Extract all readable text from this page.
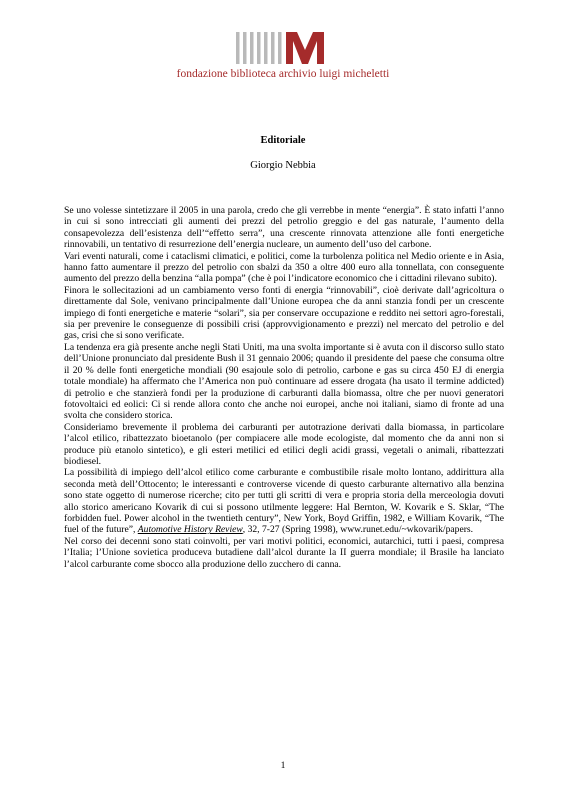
fondazione biblioteca archivio luigi micheletti
Editoriale
Giorgio Nebbia

Se uno volesse sintetizzare il 2005 in una parola, credo che gli verrebbe in mente “energia”. È stato infatti l’anno in cui si sono intrecciati gli aumenti dei prezzi del petrolio greggio e del gas naturale, l’aumento della consapevolezza dell’esistenza dell’“effetto serra”, una crescente rinnovata attenzione alle fonti energetiche rinnovabili, un tentativo di resurrezione dell’energia nucleare, un aumento dell’uso del carbone.

Vari eventi naturali, come i cataclismi climatici, e politici, come la turbolenza politica nel Medio oriente e in Asia, hanno fatto aumentare il prezzo del petrolio con sbalzi da 350 a oltre 400 euro alla tonnellata, con conseguente aumento del prezzo della benzina “alla pompa” (che è poi l’indicatore economico che i cittadini rilevano subito).

Finora le sollecitazioni ad un cambiamento verso fonti di energia “rinnovabili”, cioè derivate dall’agricoltura o direttamente dal Sole, venivano principalmente dall’Unione europea che da anni stanzia fondi per un crescente impiego di fonti energetiche e materie “solari”, sia per conservare occupazione e reddito nei settori agro-forestali, sia per prevenire le conseguenze di possibili crisi (approvvigionamento e prezzi) nel mercato del petrolio e del gas, crisi che si sono verificate.

La tendenza era già presente anche negli Stati Uniti, ma una svolta importante si è avuta con il discorso sullo stato dell’Unione pronunciato dal presidente Bush il 31 gennaio 2006; quando il presidente del paese che consuma oltre il 20 % delle fonti energetiche mondiali (90 esajoule solo di petrolio, carbone e gas su circa 450 EJ di energia totale mondiale) ha affermato che l’America non può continuare ad essere drogata (ha usato il termine addicted) di petrolio e che stanzierà fondi per la produzione di carburanti dalla biomassa, oltre che per nuovi generatori fotovoltaici ed eolici: Ci si rende allora conto che anche noi europei, anche noi italiani, siamo di fronte ad una svolta che considero storica.

Consideriamo brevemente il problema dei carburanti per autotrazione derivati dalla biomassa, in particolare l’alcol etilico, ribattezzato bioetanolo (per compiacere alle mode ecologiste, dal momento che da anni non si produce più etanolo sintetico), e gli esteri metilici ed etilici degli acidi grassi, vegetali o animali, ribattezzati biodiesel.

La possibilità di impiego dell’alcol etilico come carburante e combustibile risale molto lontano, addirittura alla seconda metà dell’Ottocento; le interessanti e controverse vicende di questo carburante alternativo alla benzina sono state oggetto di numerose ricerche; cito per tutti gli scritti di vera e propria storia della merceologia dovuti allo storico americano Kovarik di cui si possono utilmente leggere: Hal Bernton, W. Kovarik e S. Sklar, “The forbidden fuel. Power alcohol in the twentieth century”, New York, Boyd Griffin, 1982, e William Kovarik, “The fuel of the future”, Automotive History Review, 32, 7-27 (Spring 1998), www.runet.edu/~wkovarik/papers.

Nel corso dei decenni sono stati coinvolti, per vari motivi politici, economici, autarchici, tutti i paesi, compresa l’Italia; l’Unione sovietica produceva butadiene dall’alcol durante la II guerra mondiale; il Brasile ha lanciato l’alcol carburante come sbocco alla produzione dello zucchero di canna.

1
